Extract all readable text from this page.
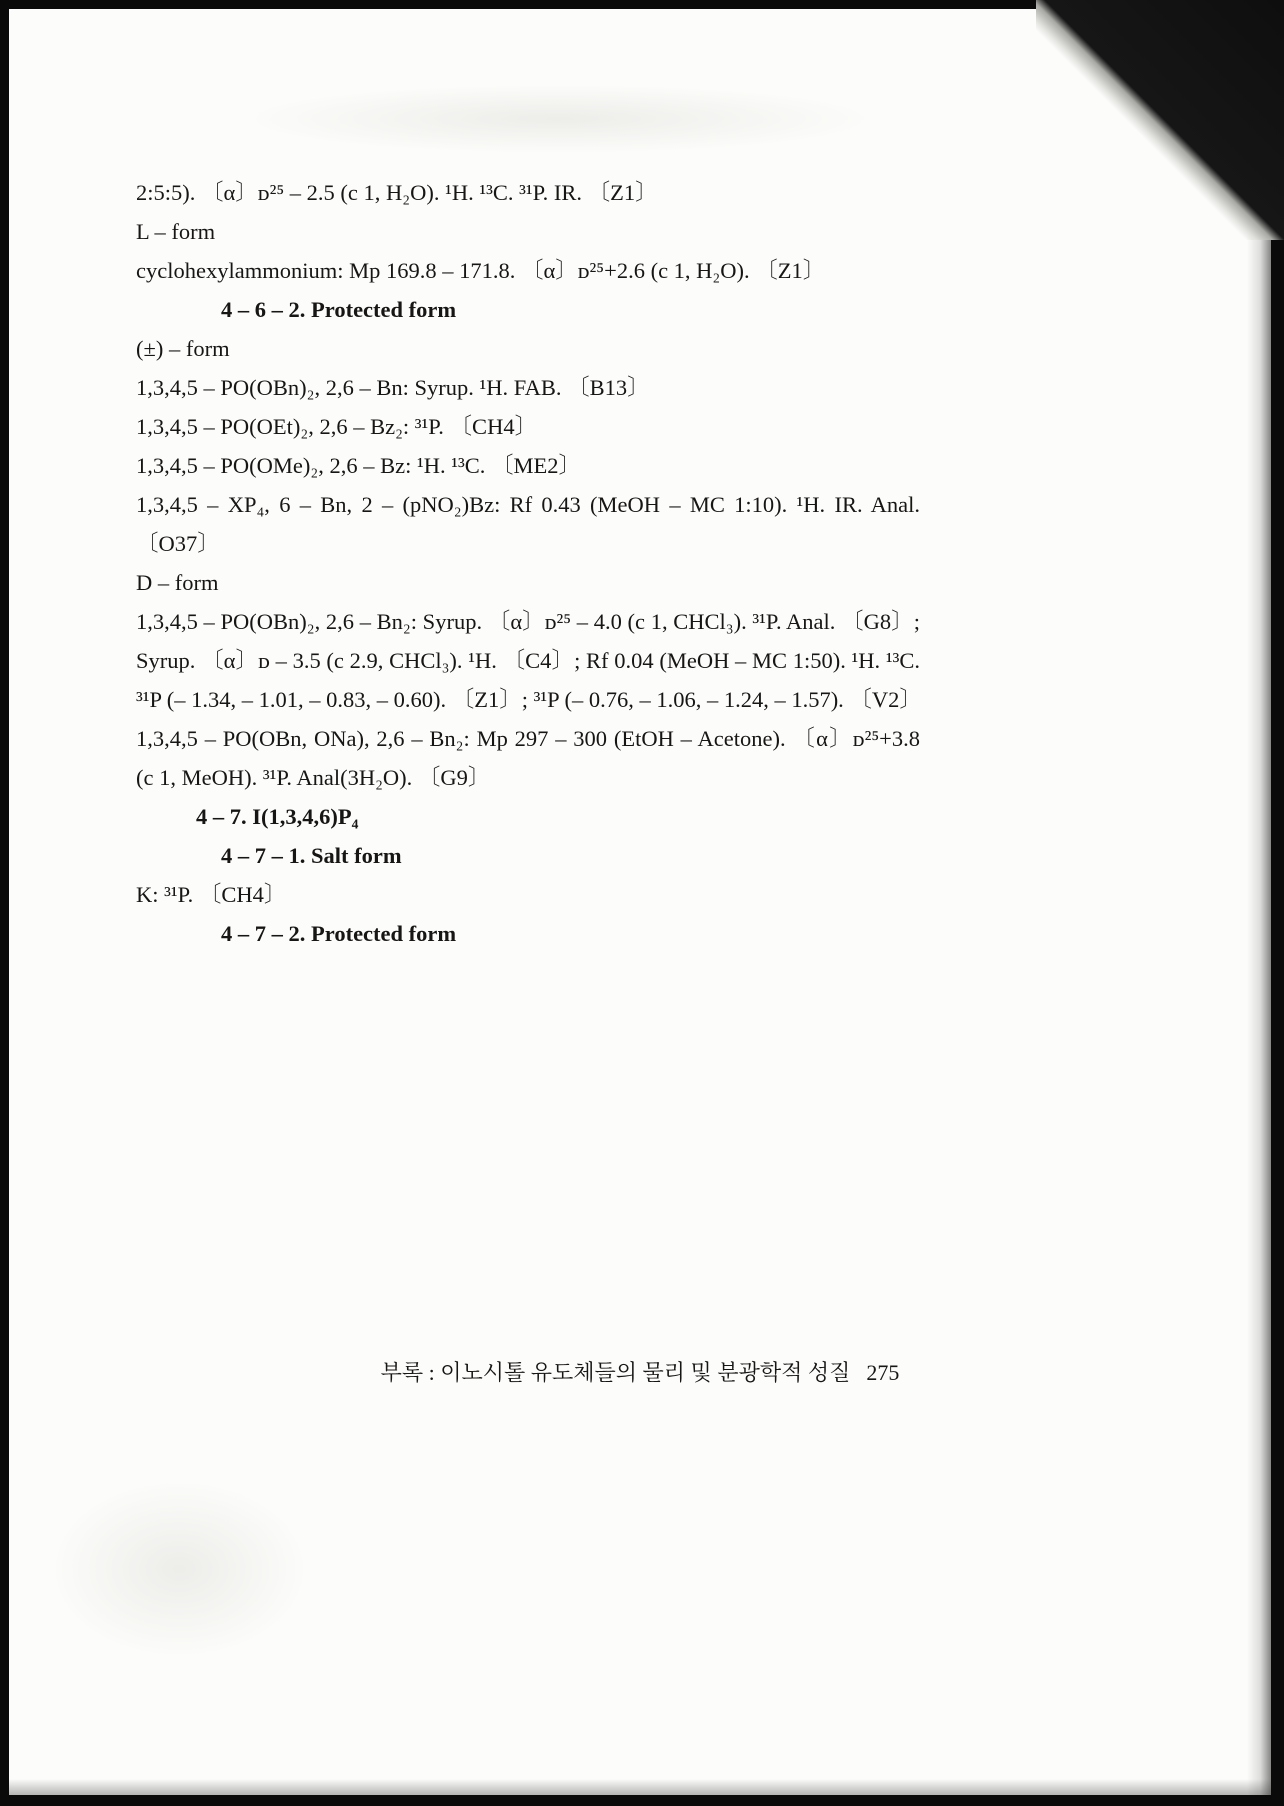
2:5:5). 〔α〕ᴅ²⁵ – 2.5 (c 1, H₂O). ¹H. ¹³C. ³¹P. IR. 〔Z1〕

L – form

cyclohexylammonium: Mp 169.8 – 171.8. 〔α〕ᴅ²⁵+2.6 (c 1, H₂O). 〔Z1〕

4 – 6 – 2. Protected form

(±) – form

1,3,4,5 – PO(OBn)₂, 2,6 – Bn: Syrup. ¹H. FAB. 〔B13〕

1,3,4,5 – PO(OEt)₂, 2,6 – Bz₂: ³¹P. 〔CH4〕

1,3,4,5 – PO(OMe)₂, 2,6 – Bz: ¹H. ¹³C. 〔ME2〕

1,3,4,5 – XP₄, 6 – Bn, 2 – (pNO₂)Bz: Rf 0.43 (MeOH – MC 1:10). ¹H. IR. Anal. 〔O37〕

D – form

1,3,4,5 – PO(OBn)₂, 2,6 – Bn₂: Syrup. 〔α〕ᴅ²⁵ – 4.0 (c 1, CHCl₃). ³¹P. Anal. 〔G8〕; Syrup. 〔α〕ᴅ – 3.5 (c 2.9, CHCl₃). ¹H. 〔C4〕; Rf 0.04 (MeOH – MC 1:50). ¹H. ¹³C. ³¹P (– 1.34, – 1.01, – 0.83, – 0.60). 〔Z1〕; ³¹P (– 0.76, – 1.06, – 1.24, – 1.57). 〔V2〕

1,3,4,5 – PO(OBn, ONa), 2,6 – Bn₂: Mp 297 – 300 (EtOH – Acetone). 〔α〕ᴅ²⁵+3.8 (c 1, MeOH). ³¹P. Anal(3H₂O). 〔G9〕

4 – 7. I(1,3,4,6)P₄

4 – 7 – 1. Salt form

K: ³¹P. 〔CH4〕

4 – 7 – 2. Protected form

부록 : 이노시톨 유도체들의 물리 및 분광학적 성질 275
